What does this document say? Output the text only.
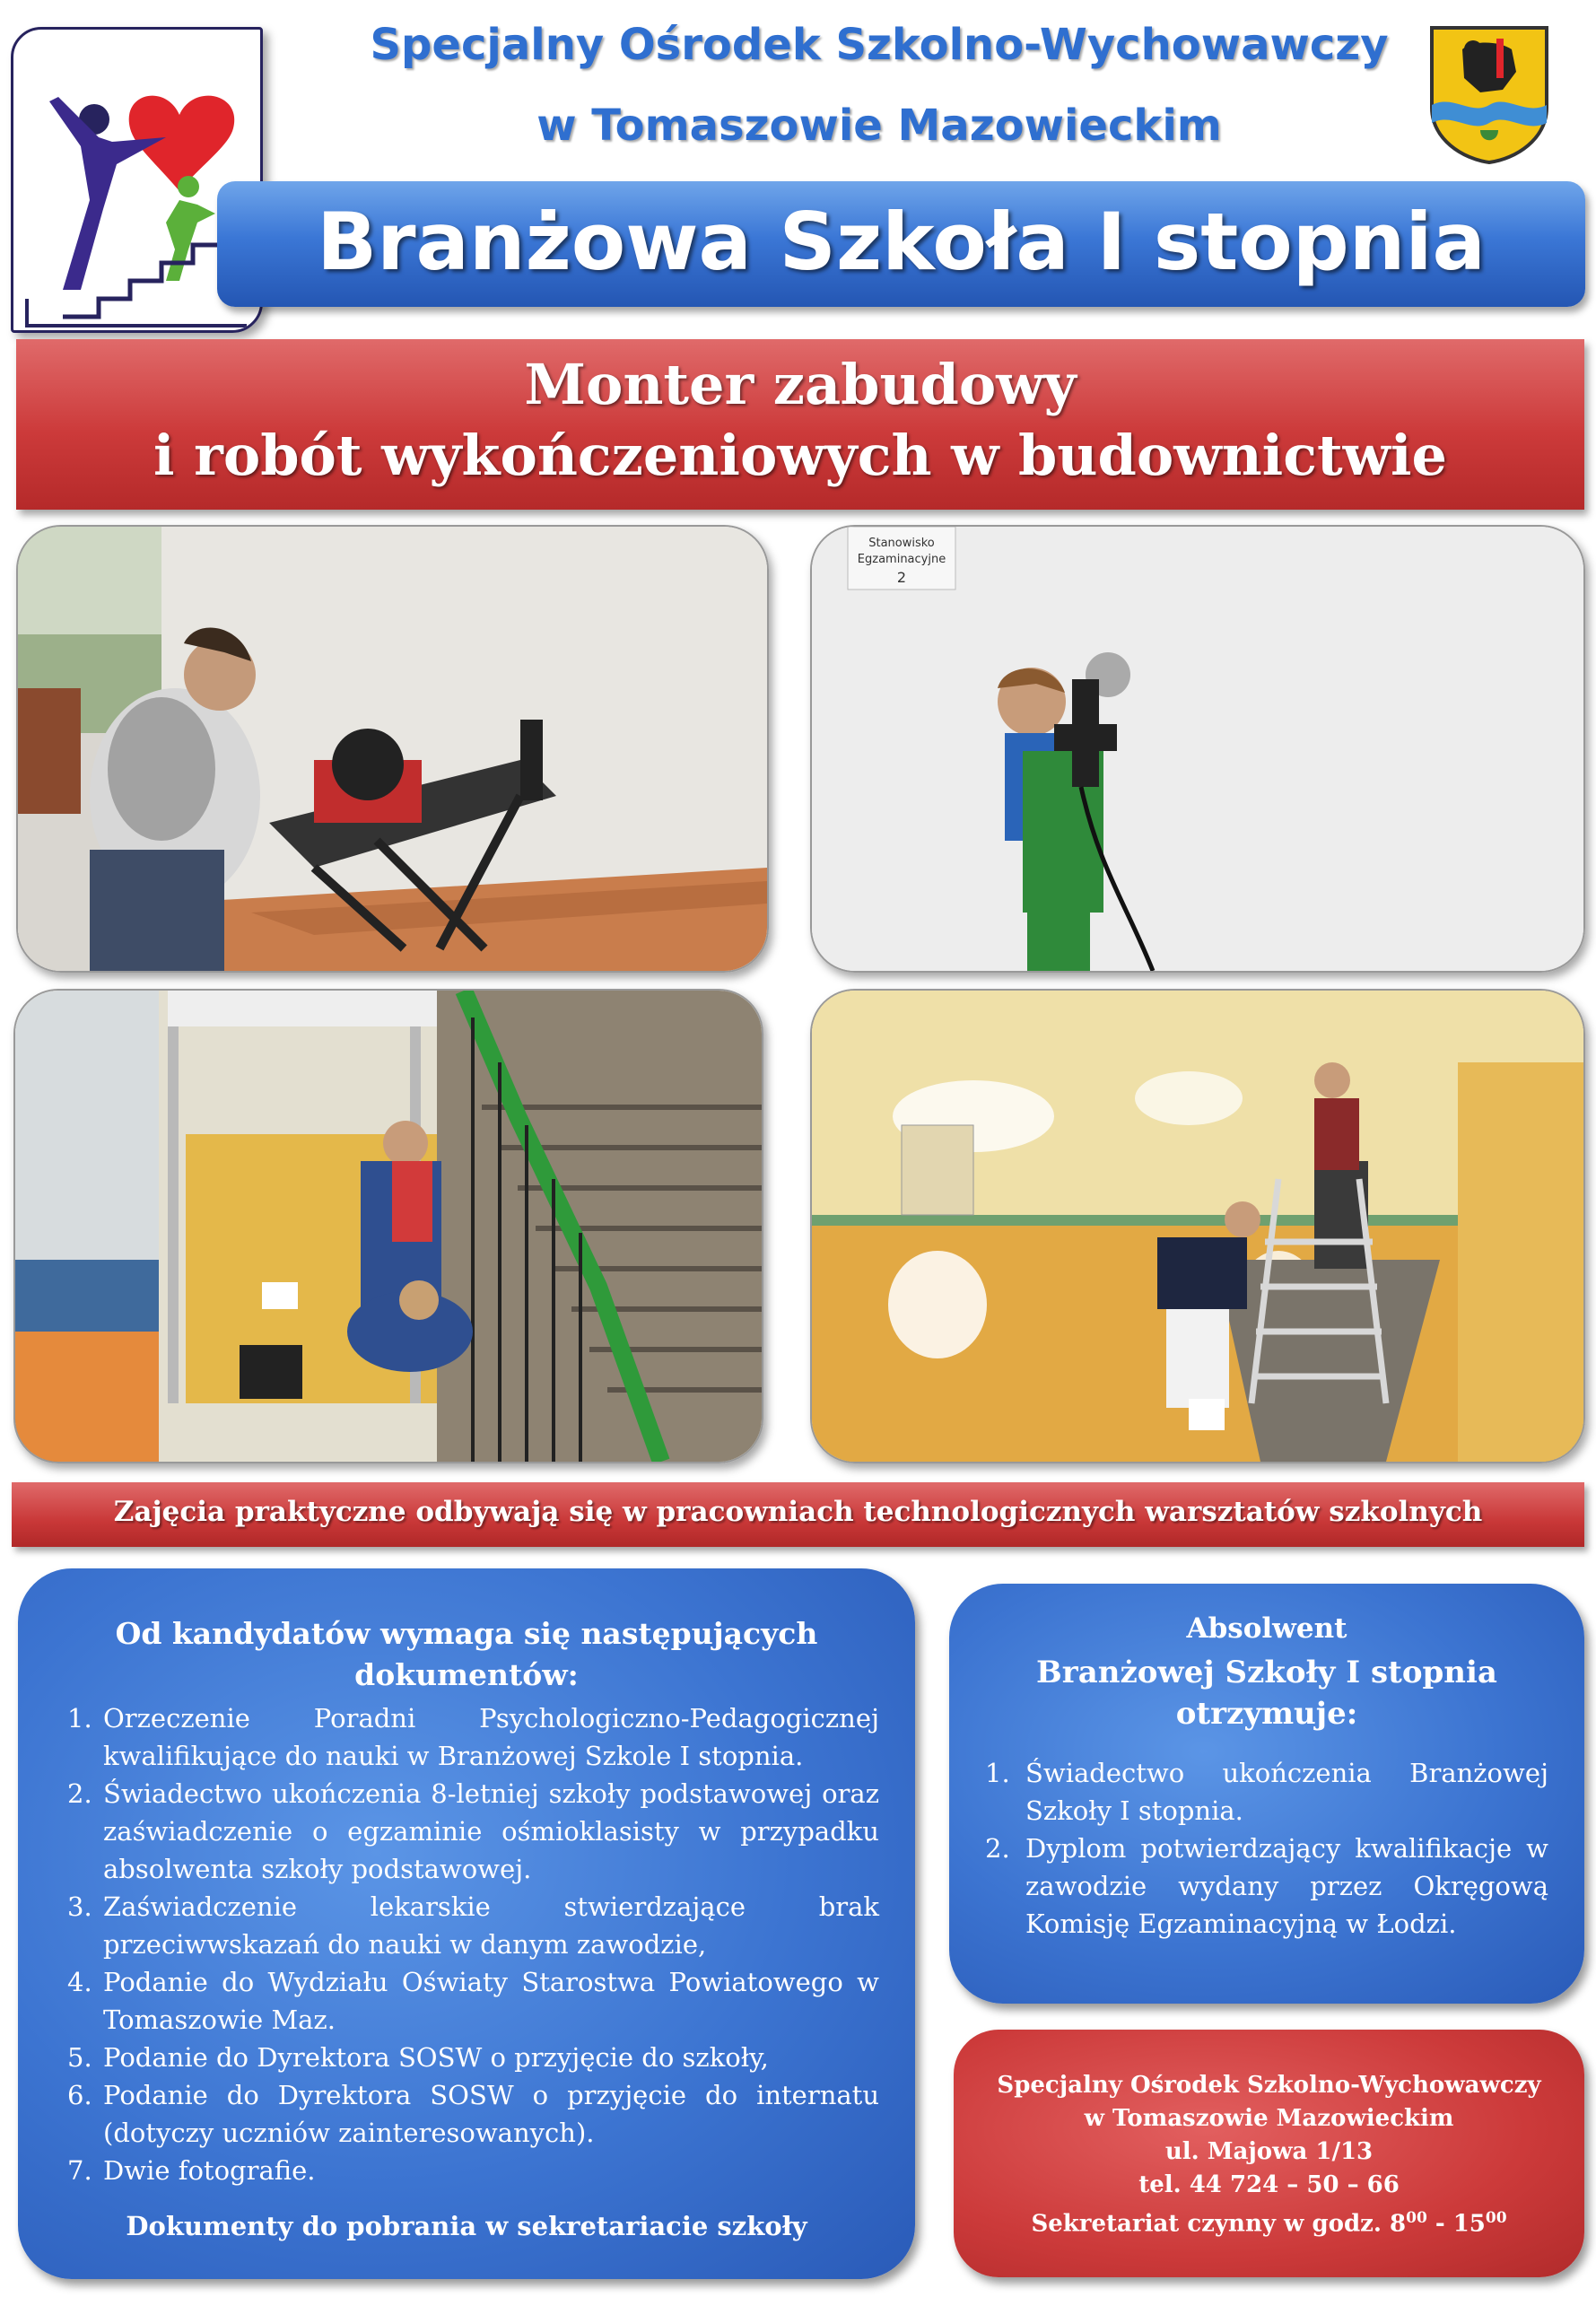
Specjalny Ośrodek Szkolno-Wychowawczy
w Tomaszowie Mazowieckim
Branżowa Szkoła I stopnia
Monter zabudowy
i robót wykończeniowych w budownictwie
Stanowisko
Egzaminacyjne
2
Zajęcia praktyczne odbywają się w pracowniach technologicznych warsztatów szkolnych
Od kandydatów wymaga się następujących dokumentów:
1. Orzeczenie Poradni Psychologiczno-Pedagogicznej kwalifikujące do nauki w Branżowej Szkole I stopnia.
2. Świadectwo ukończenia 8-letniej szkoły podstawowej oraz zaświadczenie o egzaminie ośmioklasisty w przypadku absolwenta szkoły podstawowej.
3. Zaświadczenie lekarskie stwierdzające brak przeciwwskazań do nauki w danym zawodzie,
4. Podanie do Wydziału Oświaty Starostwa Powiatowego w Tomaszowie Maz.
5. Podanie do Dyrektora SOSW o przyjęcie do szkoły,
6. Podanie do Dyrektora SOSW o przyjęcie do internatu (dotyczy uczniów zainteresowanych).
7. Dwie fotografie.
Dokumenty do pobrania w sekretariacie szkoły
Absolwent
Branżowej Szkoły I stopnia otrzymuje:
1. Świadectwo ukończenia Branżowej Szkoły I stopnia.
2. Dyplom potwierdzający kwalifikacje w zawodzie wydany przez Okręgową Komisję Egzaminacyjną w Łodzi.
Specjalny Ośrodek Szkolno-Wychowawczy
w Tomaszowie Mazowieckim
ul. Majowa 1/13
tel. 44 724 – 50 – 66
Sekretariat czynny w godz. $8^{00} - 15^{00}$
